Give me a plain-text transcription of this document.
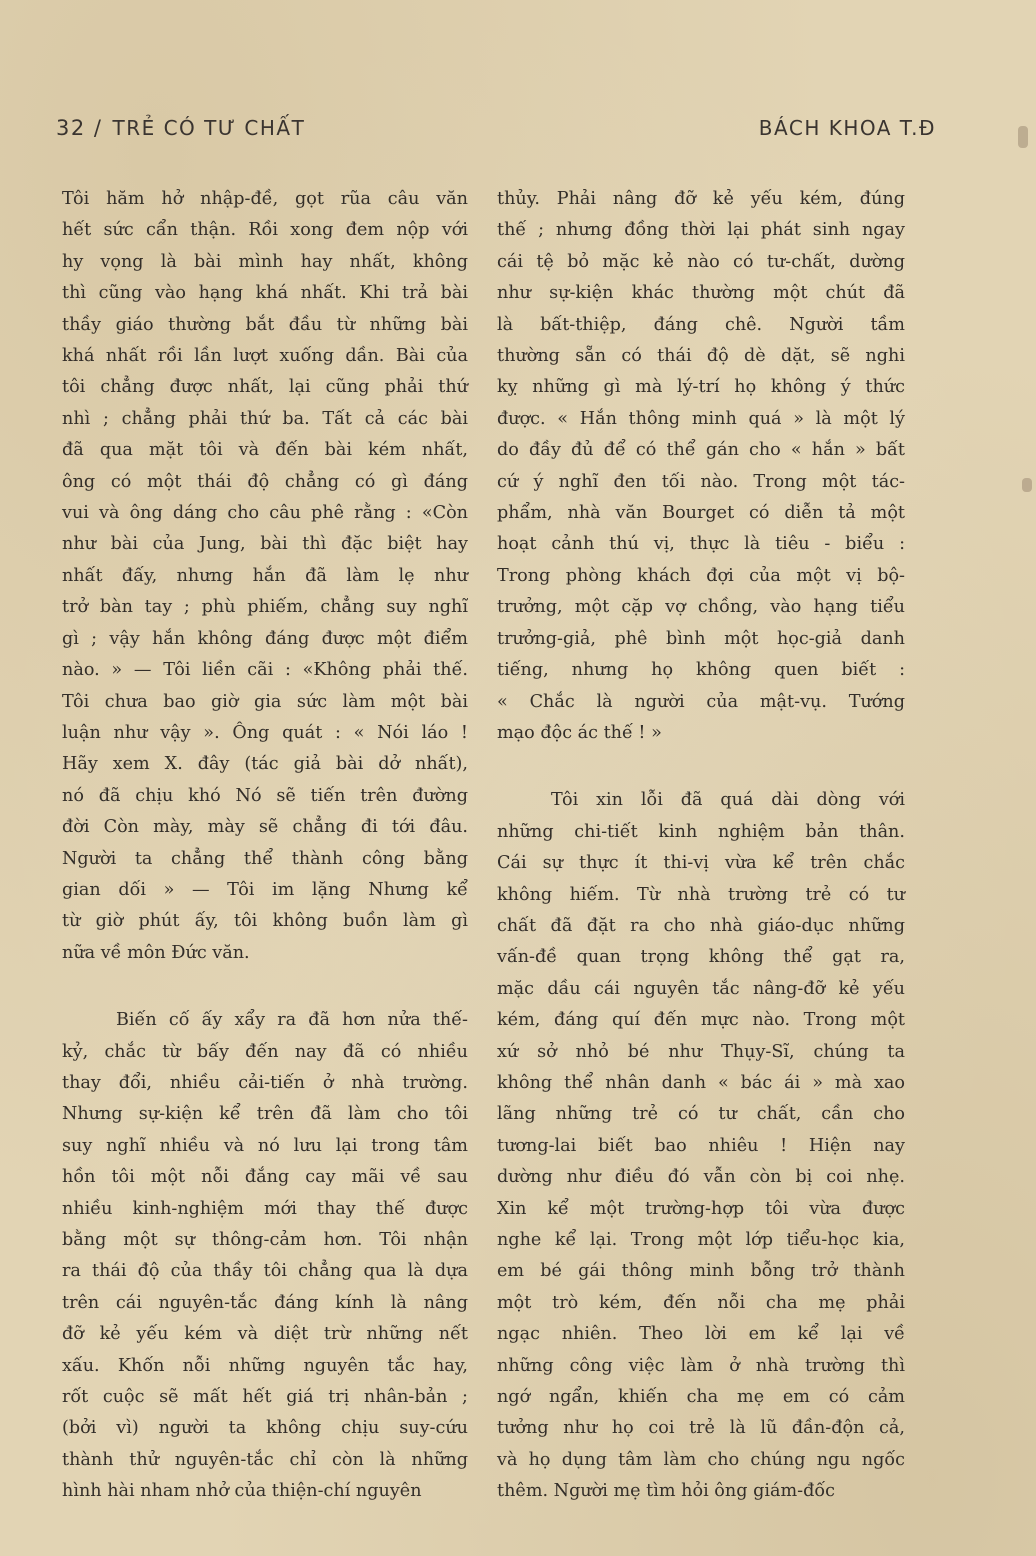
32 / TRẺ CÓ TƯ CHẤT	BÁCH KHOA T.Đ

Tôi hăm hở nhập-đề, gọt rũa câu văn

hết sức cẩn thận. Rồi xong đem nộp với

hy vọng là bài mình hay nhất, không

thì cũng vào hạng khá nhất. Khi trả bài

thầy giáo thường bắt đầu từ những bài

khá nhất rồi lần lượt xuống dần. Bài của

tôi chẳng được nhất, lại cũng phải thứ

nhì ; chẳng phải thứ ba. Tất cả các bài

đã qua mặt tôi và đến bài kém nhất,

ông có một thái độ chẳng có gì đáng

vui và ông dáng cho câu phê rằng : «Còn

như bài của Jung, bài thì đặc biệt hay

nhất đấy, nhưng hắn đã làm lẹ như

trở bàn tay ; phù phiếm, chẳng suy nghĩ

gì ; vậy hắn không đáng được một điểm

nào. » — Tôi liền cãi : «Không phải thế.

Tôi chưa bao giờ gia sức làm một bài

luận như vậy ». Ông quát : « Nói láo !

Hãy xem X. đây (tác giả bài dở nhất),

nó đã chịu khó Nó sẽ tiến trên đường

đời Còn mày, mày sẽ chẳng đi tới đâu.

Người ta chẳng thể thành công bằng

gian dối » — Tôi im lặng Nhưng kể

từ giờ phút ấy, tôi không buồn làm gì

nữa về môn Đức văn.

Biến cố ấy xẩy ra đã hơn nửa thế-

kỷ, chắc từ bấy đến nay đã có nhiều

thay đổi, nhiều cải-tiến ở nhà trường.

Nhưng sự-kiện kể trên đã làm cho tôi

suy nghĩ nhiều và nó lưu lại trong tâm

hồn tôi một nỗi đắng cay mãi về sau

nhiều kinh-nghiệm mới thay thế được

bằng một sự thông-cảm hơn. Tôi nhận

ra thái độ của thầy tôi chẳng qua là dựa

trên cái nguyên-tắc đáng kính là nâng

đỡ kẻ yếu kém và diệt trừ những nết

xấu. Khốn nỗi những nguyên tắc hay,

rốt cuộc sẽ mất hết giá trị nhân-bản ;

(bởi vì) người ta không chịu suy-cứu

thành thử nguyên-tắc chỉ còn là những

hình hài nham nhở của thiện-chí nguyên

thủy. Phải nâng đỡ kẻ yếu kém, đúng

thế ; nhưng đồng thời lại phát sinh ngay

cái tệ bỏ mặc kẻ nào có tư-chất, dường

như sự-kiện khác thường một chút đã

là bất-thiệp, đáng chê. Người tầm

thường sẵn có thái độ dè dặt, sẽ nghi

kỵ những gì mà lý-trí họ không ý thức

được. « Hắn thông minh quá » là một lý

do đầy đủ để có thể gán cho « hắn » bất

cứ ý nghĩ đen tối nào. Trong một tác-

phẩm, nhà văn Bourget có diễn tả một

hoạt cảnh thú vị, thực là tiêu - biểu :

Trong phòng khách đợi của một vị bộ-

trưởng, một cặp vợ chồng, vào hạng tiểu

trưởng-giả, phê bình một học-giả danh

tiếng, nhưng họ không quen biết :

« Chắc là người của mật-vụ. Tướng

mạo độc ác thế ! »

Tôi xin lỗi đã quá dài dòng với

những chi-tiết kinh nghiệm bản thân.

Cái sự thực ít thi-vị vừa kể trên chắc

không hiếm. Từ nhà trường trẻ có tư

chất đã đặt ra cho nhà giáo-dục những

vấn-đề quan trọng không thể gạt ra,

mặc dầu cái nguyên tắc nâng-đỡ kẻ yếu

kém, đáng quí đến mực nào. Trong một

xứ sở nhỏ bé như Thụy-Sĩ, chúng ta

không thể nhân danh « bác ái » mà xao

lãng những trẻ có tư chất, cần cho

tương-lai biết bao nhiêu ! Hiện nay

dường như điều đó vẫn còn bị coi nhẹ.

Xin kể một trường-hợp tôi vừa được

nghe kể lại. Trong một lớp tiểu-học kia,

em bé gái thông minh bỗng trở thành

một trò kém, đến nỗi cha mẹ phải

ngạc nhiên. Theo lời em kể lại về

những công việc làm ở nhà trường thì

ngớ ngẩn, khiến cha mẹ em có cảm

tưởng như họ coi trẻ là lũ đần-độn cả,

và họ dụng tâm làm cho chúng ngu ngốc

thêm. Người mẹ tìm hỏi ông giám-đốc
